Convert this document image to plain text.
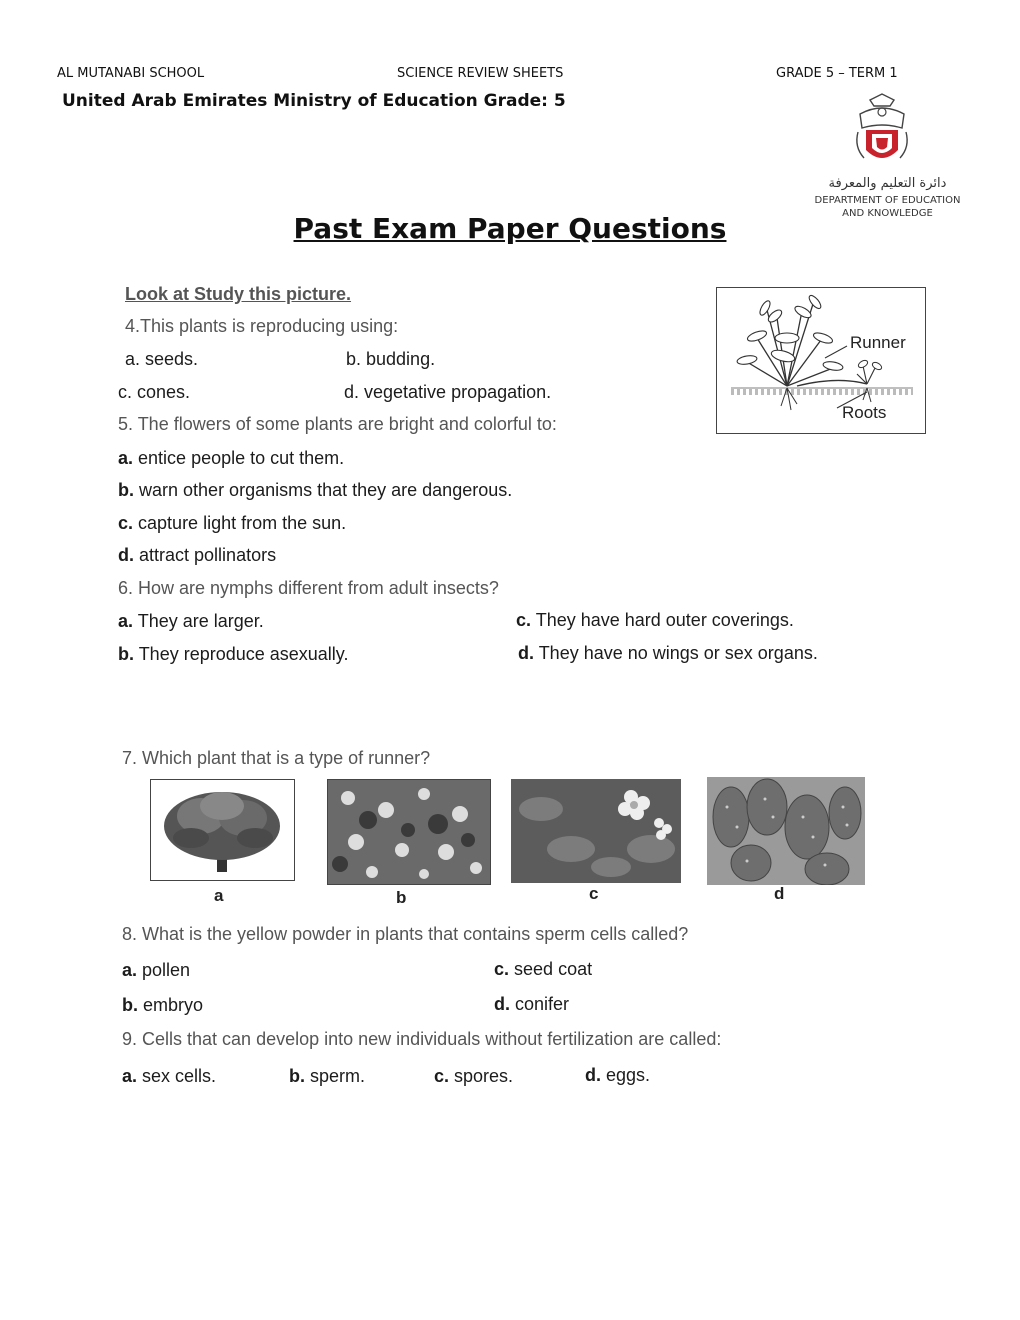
AL MUTANABI SCHOOL	SCIENCE REVIEW SHEETS	GRADE 5 – TERM 1
United Arab Emirates Ministry of Education Grade: 5
دائرة التعليم والمعرفة
DEPARTMENT OF EDUCATION
AND KNOWLEDGE
Past Exam Paper Questions
Look at Study this picture.
Runner
Roots
4.This plants is reproducing using:
a. seeds.	b. budding.
c. cones.	d. vegetative propagation.
5. The flowers of some plants are bright and colorful to:
a. entice people to cut them.
b. warn other organisms that they are dangerous.
c. capture light from the sun.
d. attract pollinators
6. How are nymphs different from adult insects?
a. They are larger.
b. They reproduce asexually.
c. They have hard outer coverings.
d. They have no wings or sex organs.
7. Which plant that is a type of runner?
a	b	c	d
8. What is the yellow powder in plants that contains sperm cells called?
a. pollen
b. embryo
c. seed coat
d. conifer
9. Cells that can develop into new individuals without fertilization are called:
a. sex cells.	b. sperm.	c. spores.	d. eggs.
